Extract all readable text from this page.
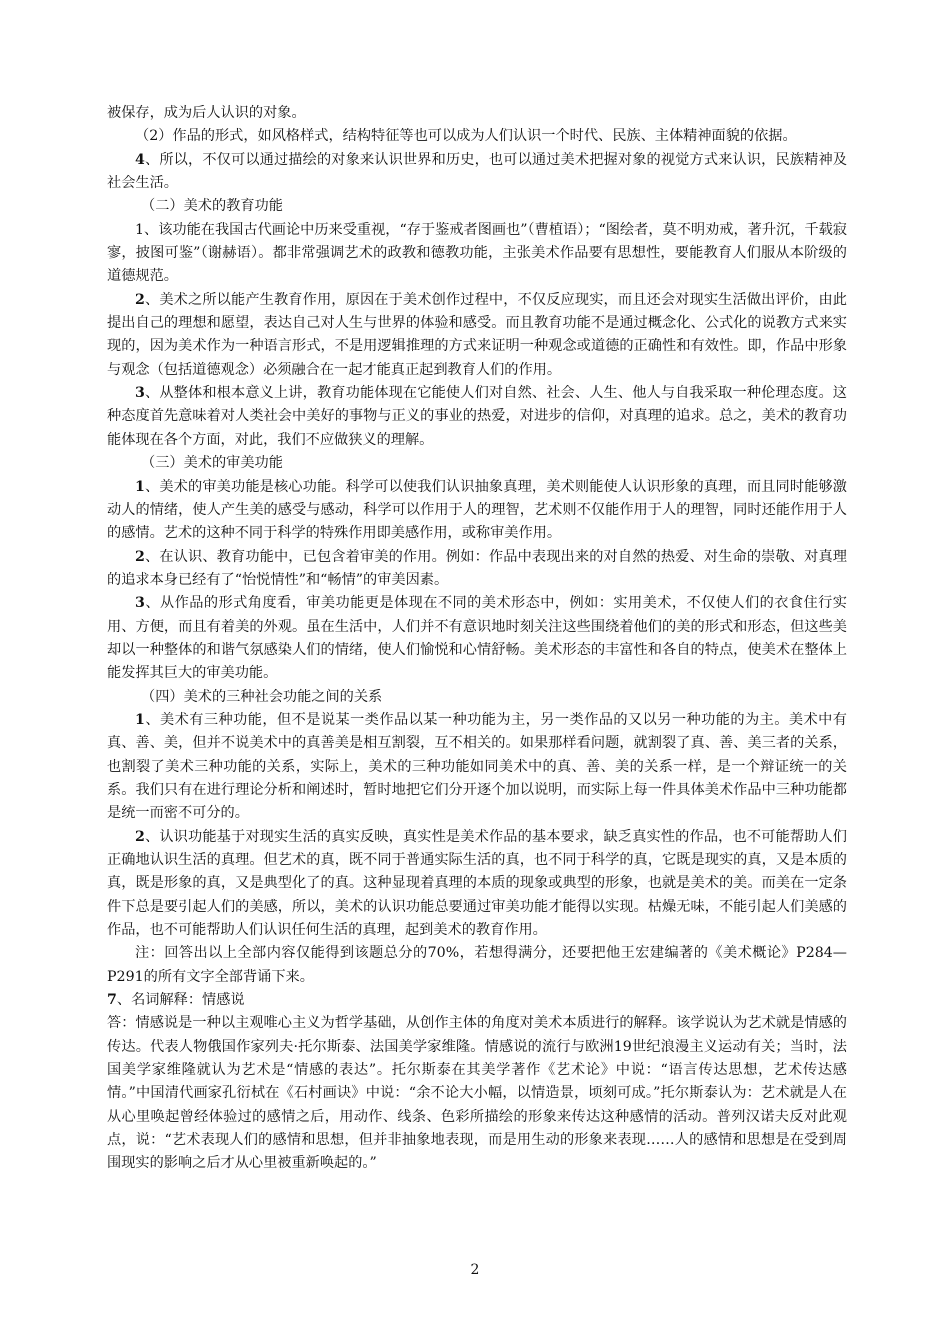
被保存，成为后人认识的对象。

（2）作品的形式，如风格样式，结构特征等也可以成为人们认识一个时代、民族、主体精神面貌的依据。

4、所以，不仅可以通过描绘的对象来认识世界和历史，也可以通过美术把握对象的视觉方式来认识，民族精神及社会生活。

（二）美术的教育功能

1、该功能在我国古代画论中历来受重视，“存于鉴戒者图画也”（曹植语）；“图绘者，莫不明劝戒，著升沉，千载寂寥，披图可鉴”（谢赫语）。都非常强调艺术的政教和德教功能，主张美术作品要有思想性，要能教育人们服从本阶级的道德规范。

2、美术之所以能产生教育作用，原因在于美术创作过程中，不仅反应现实，而且还会对现实生活做出评价，由此提出自己的理想和愿望，表达自己对人生与世界的体验和感受。而且教育功能不是通过概念化、公式化的说教方式来实现的，因为美术作为一种语言形式，不是用逻辑推理的方式来证明一种观念或道德的正确性和有效性。即，作品中形象与观念（包括道德观念）必须融合在一起才能真正起到教育人们的作用。

3、从整体和根本意义上讲，教育功能体现在它能使人们对自然、社会、人生、他人与自我采取一种伦理态度。这种态度首先意味着对人类社会中美好的事物与正义的事业的热爱，对进步的信仰，对真理的追求。总之，美术的教育功能体现在各个方面，对此，我们不应做狭义的理解。

（三）美术的审美功能

1、美术的审美功能是核心功能。科学可以使我们认识抽象真理，美术则能使人认识形象的真理，而且同时能够激动人的情绪，使人产生美的感受与感动，科学可以作用于人的理智，艺术则不仅能作用于人的理智，同时还能作用于人的感情。艺术的这种不同于科学的特殊作用即美感作用，或称审美作用。

2、在认识、教育功能中，已包含着审美的作用。例如：作品中表现出来的对自然的热爱、对生命的崇敬、对真理的追求本身已经有了“怡悦情性”和“畅情”的审美因素。

3、从作品的形式角度看，审美功能更是体现在不同的美术形态中，例如：实用美术，不仅使人们的衣食住行实用、方便，而且有着美的外观。虽在生活中，人们并不有意识地时刻关注这些围绕着他们的美的形式和形态，但这些美却以一种整体的和谐气氛感染人们的情绪，使人们愉悦和心情舒畅。美术形态的丰富性和各自的特点，使美术在整体上能发挥其巨大的审美功能。

（四）美术的三种社会功能之间的关系

1、美术有三种功能，但不是说某一类作品以某一种功能为主，另一类作品的又以另一种功能的为主。美术中有真、善、美，但并不说美术中的真善美是相互割裂，互不相关的。如果那样看问题，就割裂了真、善、美三者的关系，也割裂了美术三种功能的关系，实际上，美术的三种功能如同美术中的真、善、美的关系一样，是一个辩证统一的关系。我们只有在进行理论分析和阐述时，暂时地把它们分开逐个加以说明，而实际上每一件具体美术作品中三种功能都是统一而密不可分的。

2、认识功能基于对现实生活的真实反映，真实性是美术作品的基本要求，缺乏真实性的作品，也不可能帮助人们正确地认识生活的真理。但艺术的真，既不同于普通实际生活的真，也不同于科学的真，它既是现实的真，又是本质的真，既是形象的真，又是典型化了的真。这种显现着真理的本质的现象或典型的形象，也就是美术的美。而美在一定条件下总是要引起人们的美感，所以，美术的认识功能总要通过审美功能才能得以实现。枯燥无味，不能引起人们美感的作品，也不可能帮助人们认识任何生活的真理，起到美术的教育作用。

注：回答出以上全部内容仅能得到该题总分的70%，若想得满分，还要把他王宏建编著的《美术概论》P284—P291的所有文字全部背诵下来。

7、名词解释：情感说

答：情感说是一种以主观唯心主义为哲学基础，从创作主体的角度对美术本质进行的解释。该学说认为艺术就是情感的传达。代表人物俄国作家列夫·托尔斯泰、法国美学家维隆。情感说的流行与欧洲19世纪浪漫主义运动有关；当时，法国美学家维隆就认为艺术是“情感的表达”。托尔斯泰在其美学著作《艺术论》中说：“语言传达思想，艺术传达感情。”中国清代画家孔衍栻在《石村画诀》中说：“余不论大小幅，以情造景，顷刻可成。”托尔斯泰认为：艺术就是人在从心里唤起曾经体验过的感情之后，用动作、线条、色彩所描绘的形象来传达这种感情的活动。普列汉诺夫反对此观点，说：“艺术表现人们的感情和思想，但并非抽象地表现，而是用生动的形象来表现……人的感情和思想是在受到周围现实的影响之后才从心里被重新唤起的。”

2
